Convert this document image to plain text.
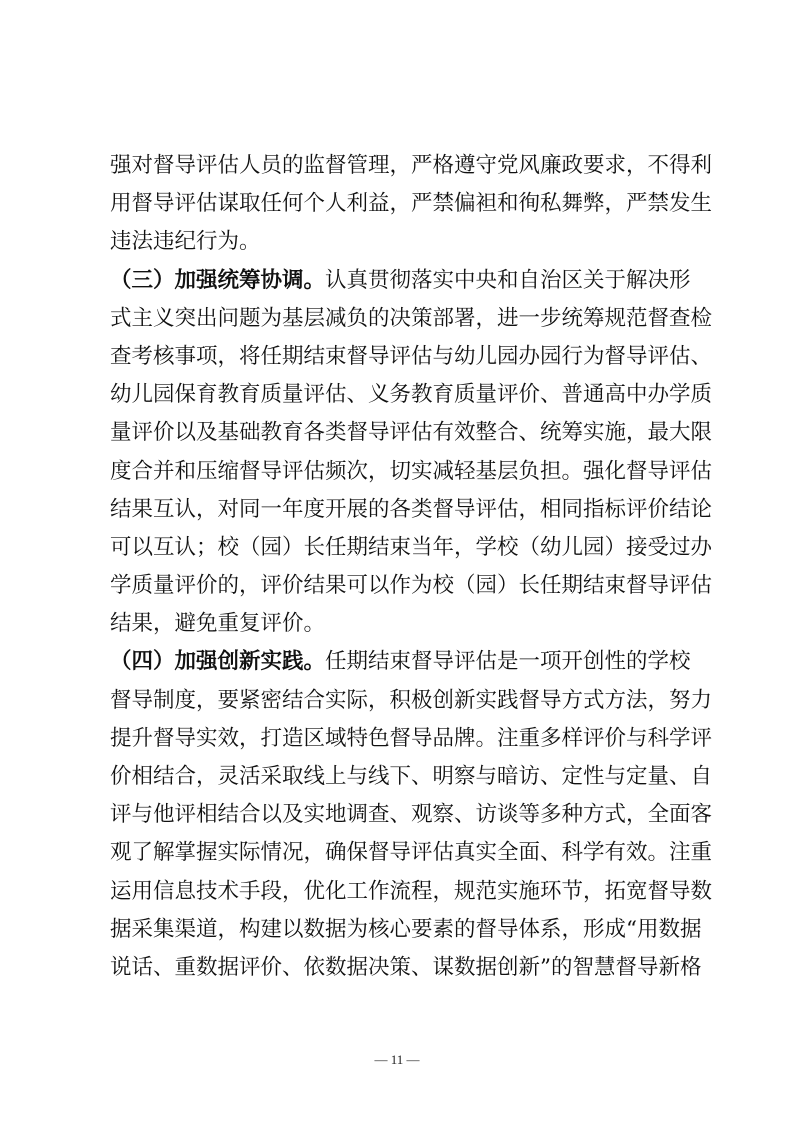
强对督导评估人员的监督管理，严格遵守党风廉政要求，不得利
用督导评估谋取任何个人利益，严禁偏袒和徇私舞弊，严禁发生
违法违纪行为。
（三）加强统筹协调。认真贯彻落实中央和自治区关于解决形
式主义突出问题为基层减负的决策部署，进一步统筹规范督查检
查考核事项，将任期结束督导评估与幼儿园办园行为督导评估、
幼儿园保育教育质量评估、义务教育质量评价、普通高中办学质
量评价以及基础教育各类督导评估有效整合、统筹实施，最大限
度合并和压缩督导评估频次，切实减轻基层负担。强化督导评估
结果互认，对同一年度开展的各类督导评估，相同指标评价结论
可以互认；校（园）长任期结束当年，学校（幼儿园）接受过办
学质量评价的，评价结果可以作为校（园）长任期结束督导评估
结果，避免重复评价。
（四）加强创新实践。任期结束督导评估是一项开创性的学校
督导制度，要紧密结合实际，积极创新实践督导方式方法，努力
提升督导实效，打造区域特色督导品牌。注重多样评价与科学评
价相结合，灵活采取线上与线下、明察与暗访、定性与定量、自
评与他评相结合以及实地调查、观察、访谈等多种方式，全面客
观了解掌握实际情况，确保督导评估真实全面、科学有效。注重
运用信息技术手段，优化工作流程，规范实施环节，拓宽督导数
据采集渠道，构建以数据为核心要素的督导体系，形成“用数据
说话、重数据评价、依数据决策、谋数据创新”的智慧督导新格
— 11 —
